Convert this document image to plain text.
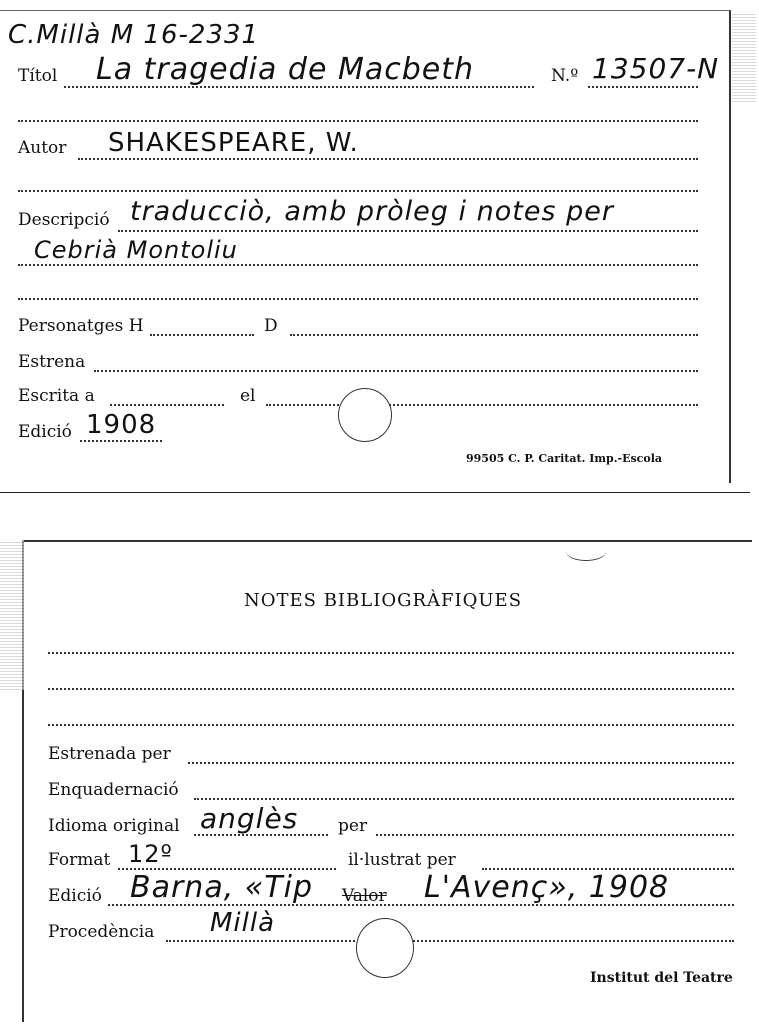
C.Millà M 16-2331
Títol La tragedia de Macbeth	N.º 13507-N
Autor SHAKESPEARE, W.
Descripció traducciò, amb pròleg i notes per
Cebrià Montoliu
Personatges H	D
Estrena
Escrita a	el
Edició 1908
99505 C. P. Caritat. Imp.-Escola
NOTES BIBLIOGRÀFIQUES
Estrenada per
Enquadernació
Idioma original anglès per
Format 12º	il·lustrat per
Edició Barna, «Tip Valor L'Avenç», 1908
Procedència Millà
Institut del Teatre
